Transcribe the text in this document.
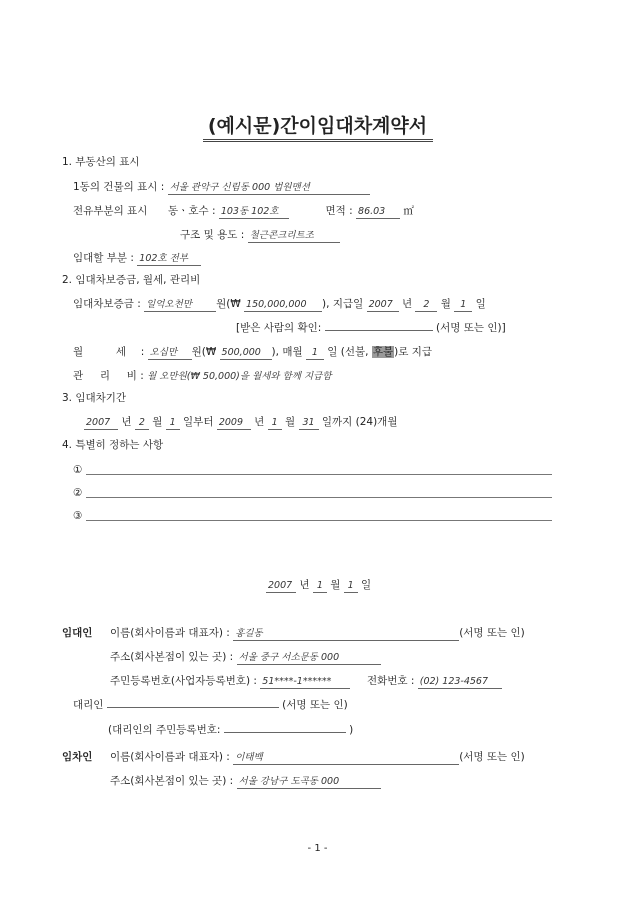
(예시문)간이임대차계약서
1. 부동산의 표시
1동의 건물의 표시 : 서울 관악구 신림동 000 법원맨션
전유부분의 표시 동ㆍ호수 : 103동 102호	면적 : 86.03 ㎡
구조 및 용도 : 철근콘크리트조
임대할 부분 : 102호 전부
2. 임대차보증금, 월세, 관리비
임대차보증금 : 일억오천만 원(₩ 150,000,000 ), 지급일 2007 년 2 월 1 일
[받은 사람의 확인:	(서명 또는 인)]
월	세 : 오십만 원(₩ 500,000 ), 매월 1 일 (선불, 후불)로 지급
관 리 비 : 월 오만원(₩ 50,000)을 월세와 함께 지급함
3. 임대차기간
2007 년 2 월 1 일부터 2009 년 1 월 31 일까지 (24)개월
4. 특별히 정하는 사항
①
②
③
2007 년 1 월 1 일
임대인 이름(회사이름과 대표자) : 홍길동	(서명 또는 인)
주소(회사본점이 있는 곳) : 서울 중구 서소문동 000
주민등록번호(사업자등록번호) : 51****-1******	전화번호 : (02) 123-4567
대리인	(서명 또는 인)
(대리인의 주민등록번호:	)
임차인 이름(회사이름과 대표자) : 이태백	(서명 또는 인)
주소(회사본점이 있는 곳) : 서울 강남구 도곡동 000
- 1 -
